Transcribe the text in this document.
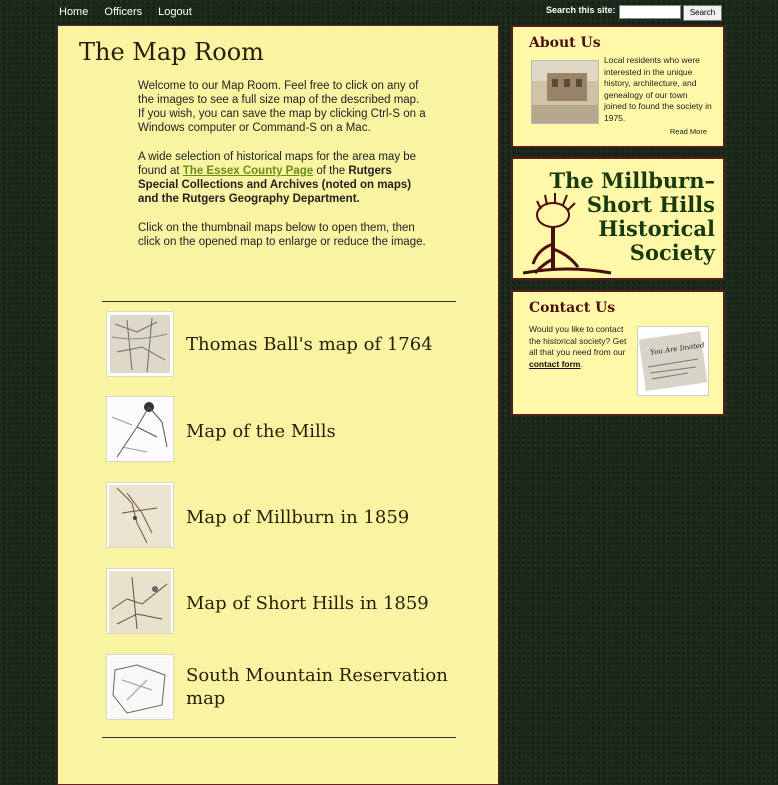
Home Officers Logout	Search this site:	Search
The Map Room

Welcome to our Map Room. Feel free to click on any of the images to see a full size map of the described map. If you wish, you can save the map by clicking Ctrl-S on a Windows computer or Command-S on a Mac.

A wide selection of historical maps for the area may be found at The Essex County Page of the Rutgers Special Collections and Archives (noted on maps) and the Rutgers Geography Department.

Click on the thumbnail maps below to open them, then click on the opened map to enlarge or reduce the image.

Thomas Ball's map of 1764
Map of the Mills
Map of Millburn in 1859
Map of Short Hills in 1859
South Mountain Reservation map
About Us
Local residents who were interested in the unique history, architecture, and genealogy of our town joined to found the society in 1975.
Read More
The Millburn–
Short Hills
Historical
Society
Contact Us
Would you like to contact the historical society? Get all that you need from our contact form.
You Are Invited
